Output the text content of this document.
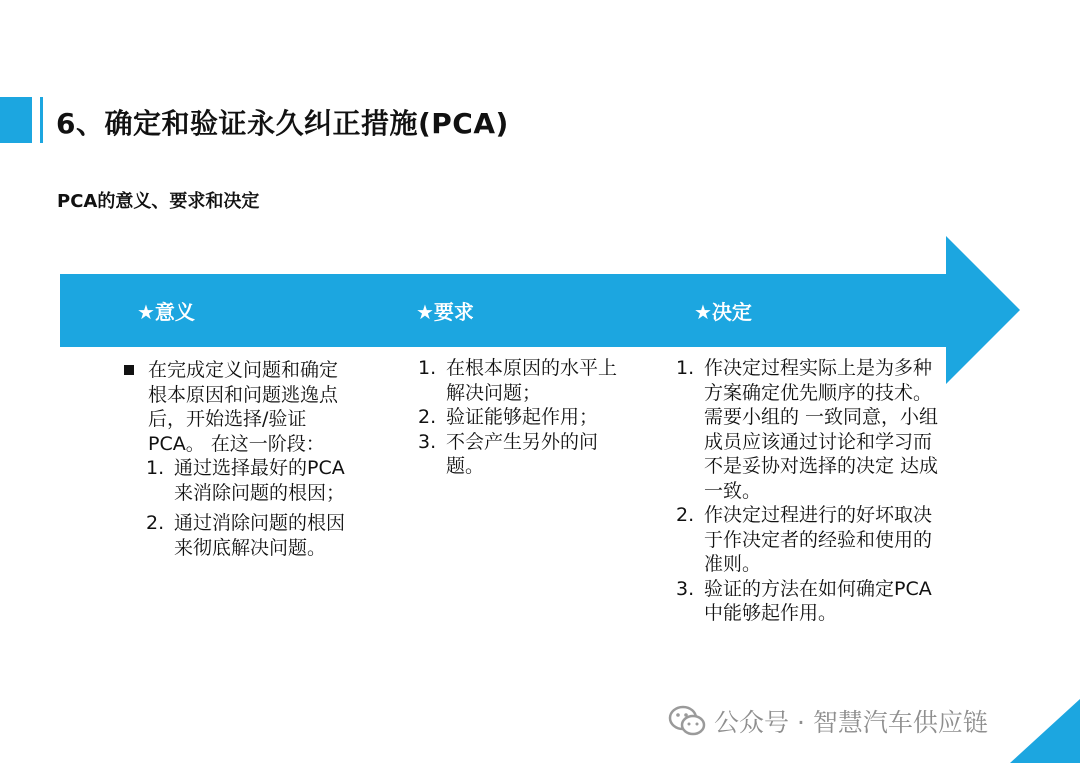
6、确定和验证永久纠正措施(PCA)
PCA的意义、要求和决定
★意义	★要求	★决定
在完成定义问题和确定
根本原因和问题逃逸点
后，开始选择/验证
PCA。 在这一阶段：
1. 通过选择最好的PCA
来消除问题的根因；
2. 通过消除问题的根因
来彻底解决问题。
1. 在根本原因的水平上
解决问题；
2. 验证能够起作用；
3. 不会产生另外的问
题。
1. 作决定过程实际上是为多种
方案确定优先顺序的技术。
需要小组的 一致同意，小组
成员应该通过讨论和学习而
不是妥协对选择的决定 达成
一致。
2. 作决定过程进行的好坏取决
于作决定者的经验和使用的
准则。
3. 验证的方法在如何确定PCA
中能够起作用。
72
公众号 · 智慧汽车供应链
